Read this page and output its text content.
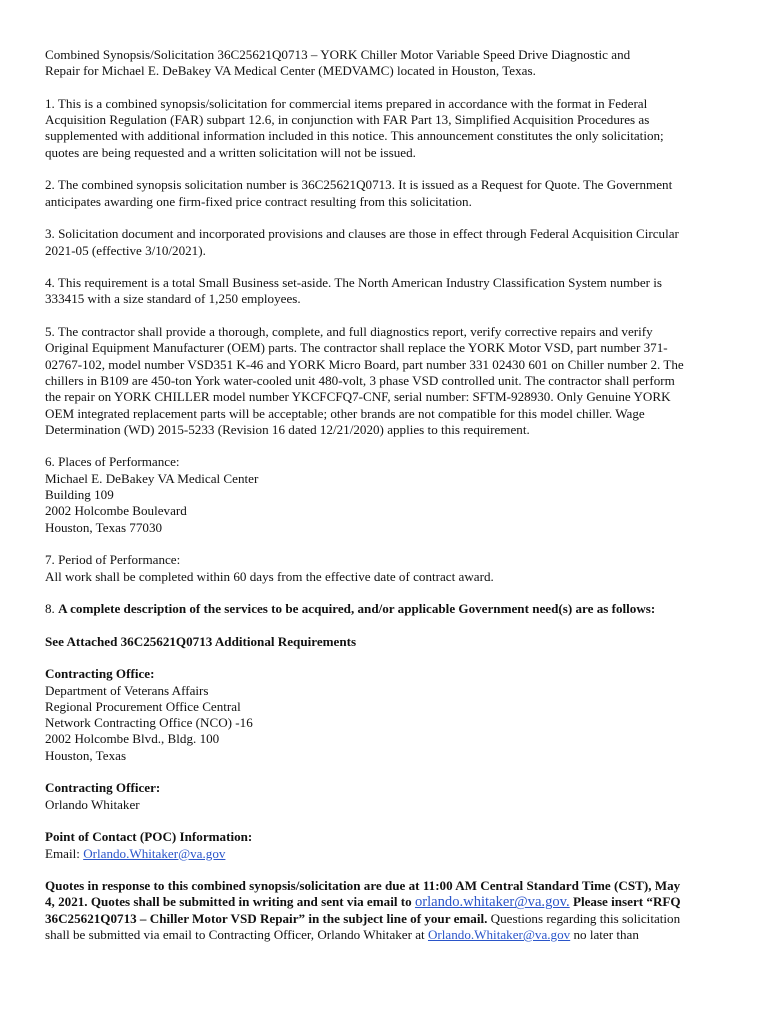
Combined Synopsis/Solicitation 36C25621Q0713 – YORK Chiller Motor Variable Speed Drive Diagnostic and
Repair for Michael E. DeBakey VA Medical Center (MEDVAMC) located in Houston, Texas.

1. This is a combined synopsis/solicitation for commercial items prepared in accordance with the format in Federal
Acquisition Regulation (FAR) subpart 12.6, in conjunction with FAR Part 13, Simplified Acquisition Procedures as
supplemented with additional information included in this notice. This announcement constitutes the only solicitation;
quotes are being requested and a written solicitation will not be issued.

2. The combined synopsis solicitation number is 36C25621Q0713. It is issued as a Request for Quote. The Government
anticipates awarding one firm-fixed price contract resulting from this solicitation.

3. Solicitation document and incorporated provisions and clauses are those in effect through Federal Acquisition Circular
2021-05 (effective 3/10/2021).

4. This requirement is a total Small Business set-aside. The North American Industry Classification System number is
333415 with a size standard of 1,250 employees.

5. The contractor shall provide a thorough, complete, and full diagnostics report, verify corrective repairs and verify
Original Equipment Manufacturer (OEM) parts. The contractor shall replace the YORK Motor VSD, part number 371-
02767-102, model number VSD351 K-46 and YORK Micro Board, part number 331 02430 601 on Chiller number 2. The
chillers in B109 are 450-ton York water-cooled unit 480-volt, 3 phase VSD controlled unit. The contractor shall perform
the repair on YORK CHILLER model number YKCFCFQ7-CNF, serial number: SFTM-928930. Only Genuine YORK
OEM integrated replacement parts will be acceptable; other brands are not compatible for this model chiller. Wage
Determination (WD) 2015-5233 (Revision 16 dated 12/21/2020) applies to this requirement.

6. Places of Performance:
Michael E. DeBakey VA Medical Center
Building 109
2002 Holcombe Boulevard
Houston, Texas 77030

7. Period of Performance:
All work shall be completed within 60 days from the effective date of contract award.

8. A complete description of the services to be acquired, and/or applicable Government need(s) are as follows:

See Attached 36C25621Q0713 Additional Requirements

Contracting Office:
Department of Veterans Affairs
Regional Procurement Office Central
Network Contracting Office (NCO) -16
2002 Holcombe Blvd., Bldg. 100
Houston, Texas

Contracting Officer:
Orlando Whitaker

Point of Contact (POC) Information:
Email: Orlando.Whitaker@va.gov

Quotes in response to this combined synopsis/solicitation are due at 11:00 AM Central Standard Time (CST), May
4, 2021. Quotes shall be submitted in writing and sent via email to orlando.whitaker@va.gov. Please insert “RFQ
36C25621Q0713 – Chiller Motor VSD Repair” in the subject line of your email. Questions regarding this solicitation
shall be submitted via email to Contracting Officer, Orlando Whitaker at Orlando.Whitaker@va.gov no later than
